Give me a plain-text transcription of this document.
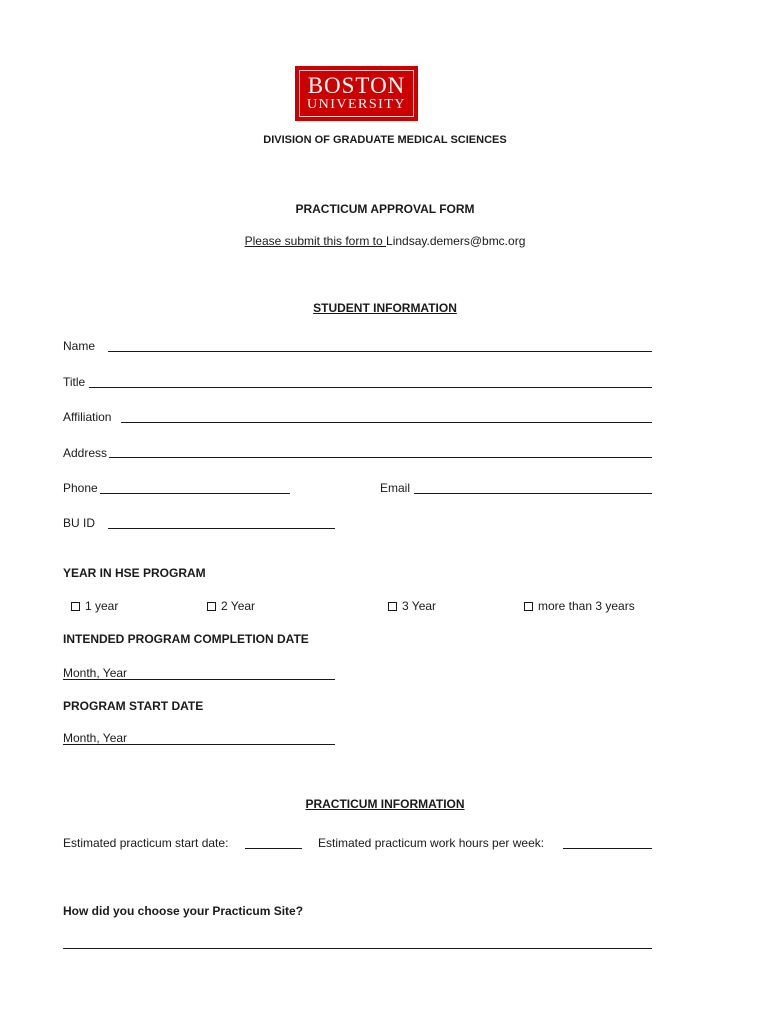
BOSTON
UNIVERSITY
DIVISION OF GRADUATE MEDICAL SCIENCES
PRACTICUM APPROVAL FORM
Please submit this form to Lindsay.demers@bmc.org
STUDENT INFORMATION
Name
Title
Affiliation
Address
Phone	Email
BU ID
YEAR IN HSE PROGRAM
1 year	2 Year	3 Year	more than 3 years
INTENDED PROGRAM COMPLETION DATE
Month, Year
PROGRAM START DATE
Month, Year
PRACTICUM INFORMATION
Estimated practicum start date:	Estimated practicum work hours per week:
How did you choose your Practicum Site?
